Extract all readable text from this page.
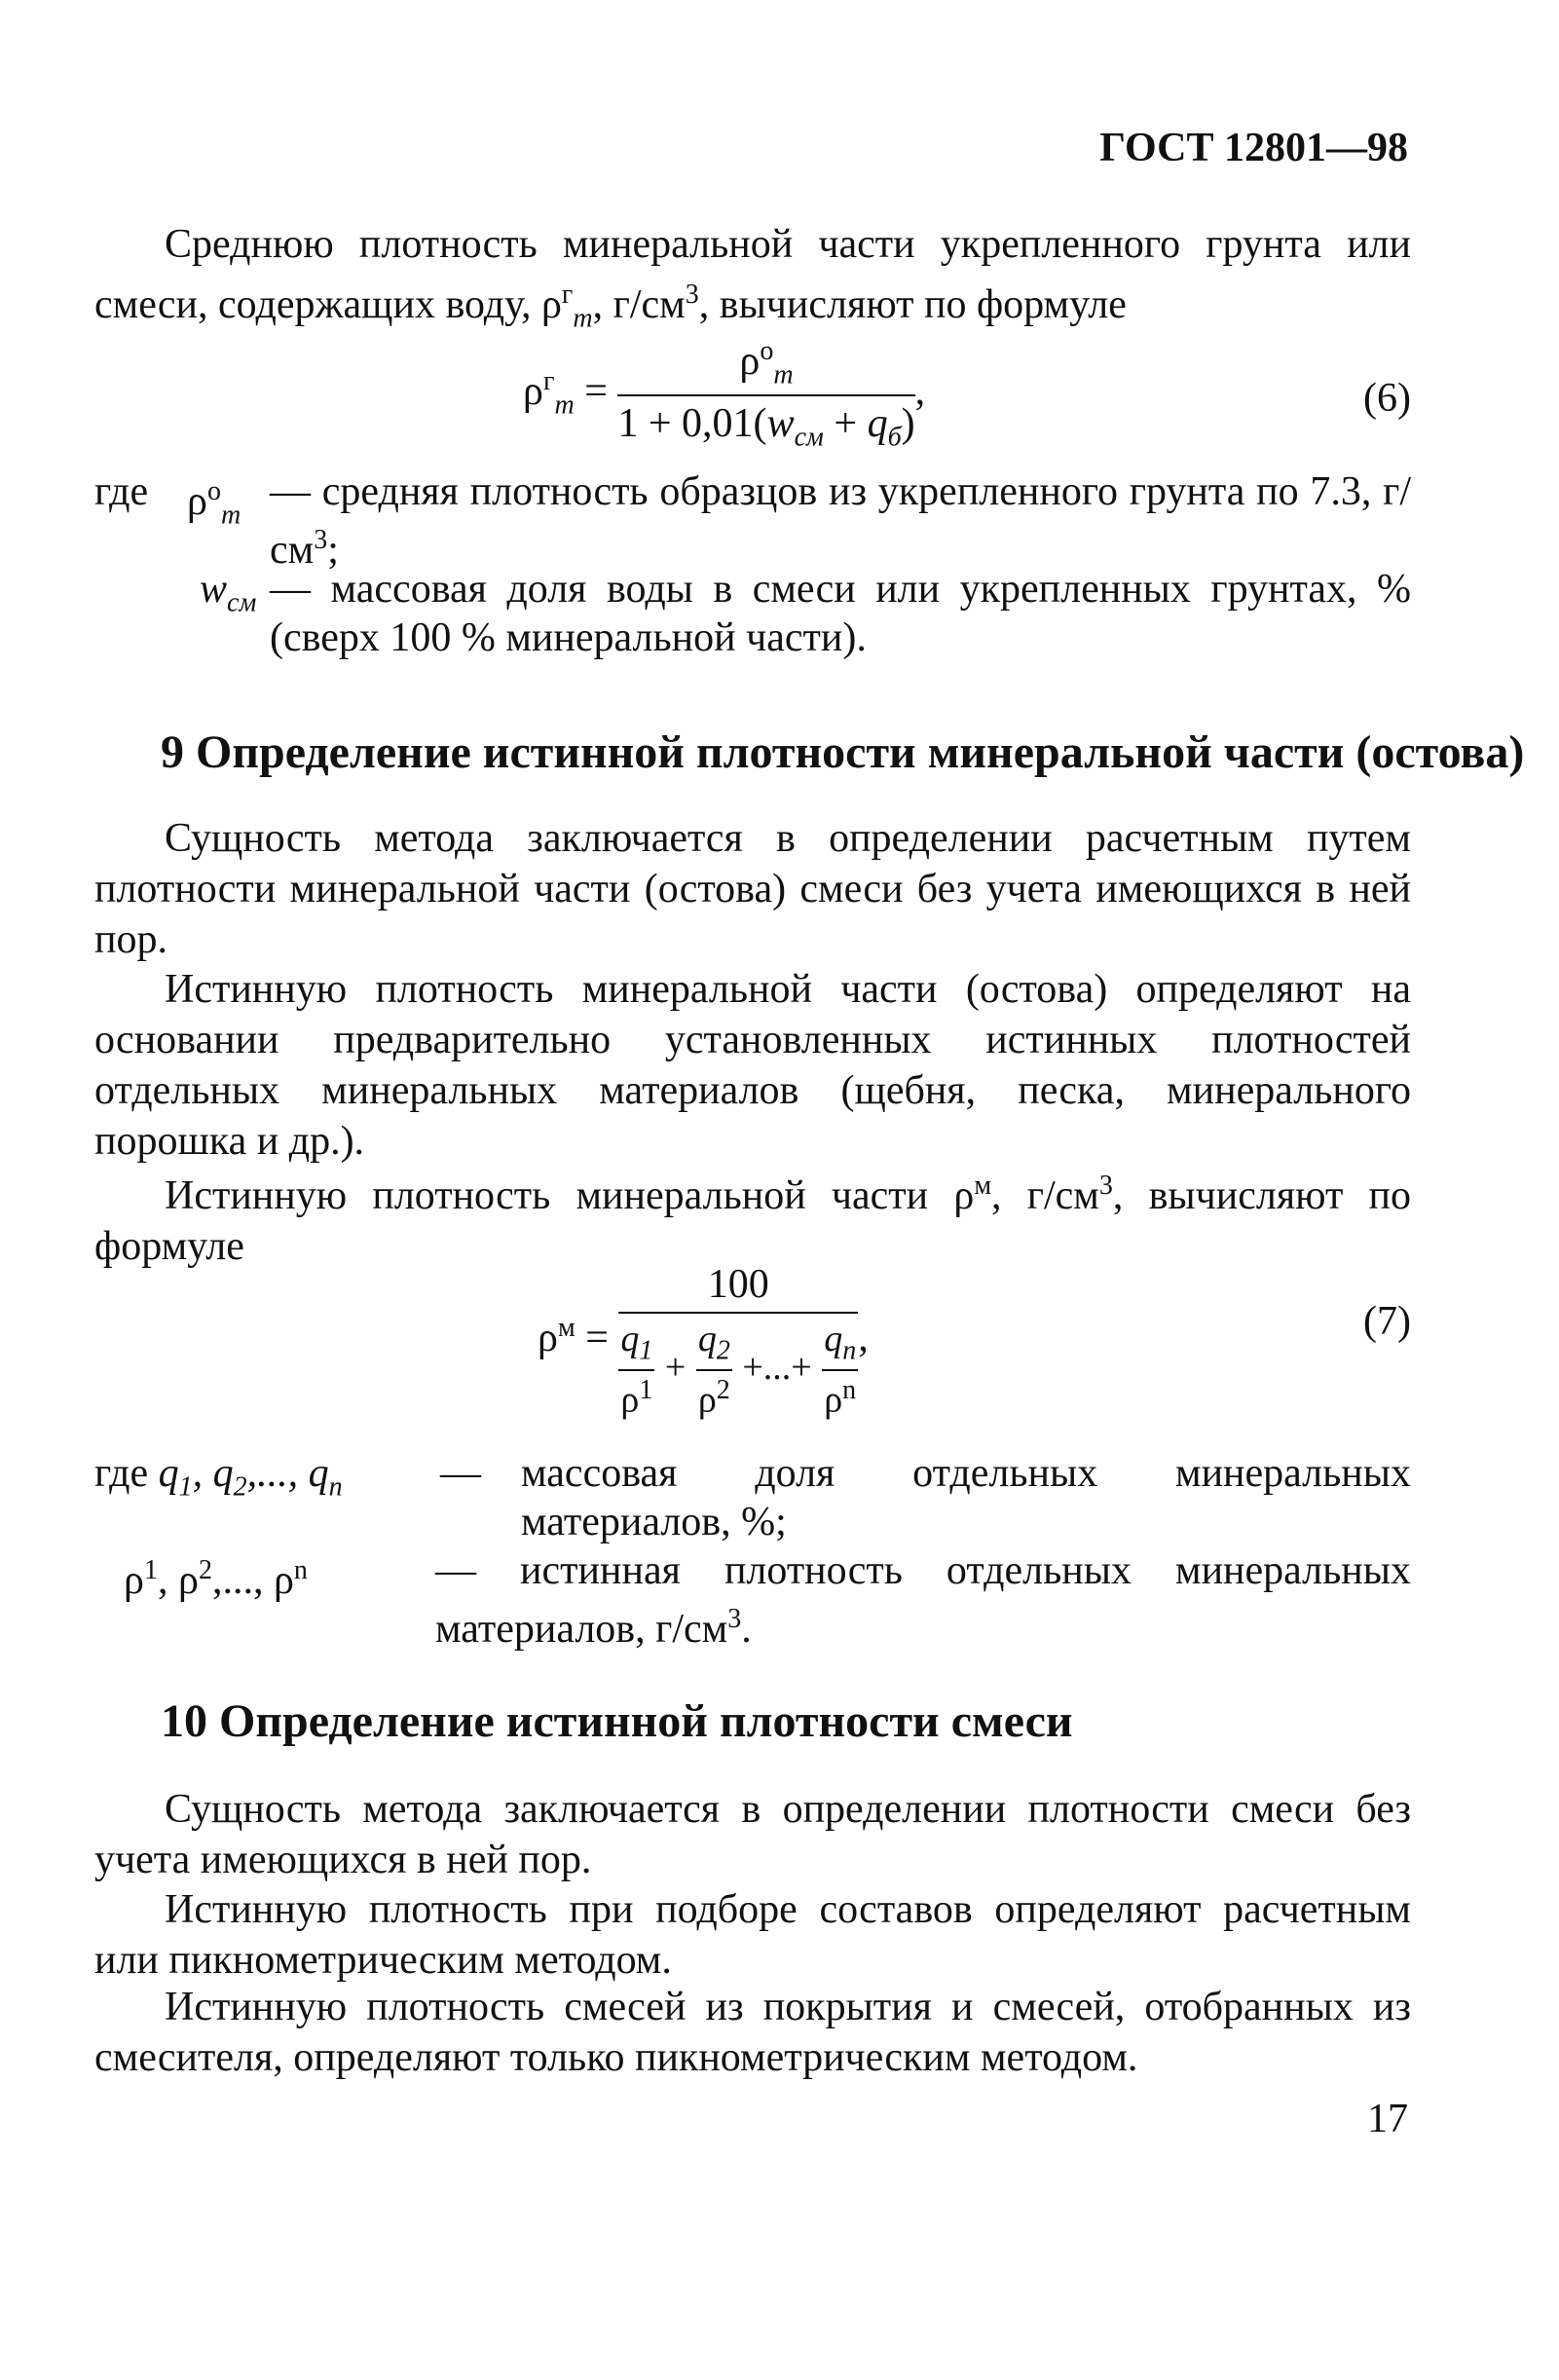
ГОСТ 12801—98
Среднюю плотность минеральной части укрепленного грунта или смеси, содержащих воду, $\rho^г_m$, $г/см^3$, вычисляют по формуле
$\rho^г_m = \frac{\rho^о_m}{1 + 0,01(w_{см} + q_б)}$ ,	(6)
где $\rho^о_m$
— средняя плотность образцов из укрепленного грунта по 7.3, $г/см^3$;
$w_{см}$ — массовая доля воды в смеси или укрепленных грунтах, % (сверх 100 % минеральной части).
9 Определение истинной плотности минеральной части (остова)
Сущность метода заключается в определении расчетным путем плотности минеральной части (остова) смеси без учета имеющихся в ней пор.
Истинную плотность минеральной части (остова) определяют на основании предварительно установленных истинных плотностей отдельных минеральных материалов (щебня, песка, минерального порошка и др.).
Истинную плотность минеральной части $\rho^м$, $г/см^3$, вычисляют по формуле
$\rho^м$ =
100
$\frac{q_1}{\rho^1} + \frac{q_2}{\rho^2}$ +...+ $\frac{q_n}{\rho^n}$ ,	(7)
где $q_1$, $q_2$,..., $q_n$ — массовая доля отдельных минеральных материалов, %;
$\rho^1$, $\rho^2$,..., $\rho^n$	— истинная плотность отдельных минеральных материалов, $г/см^3$.
10 Определение истинной плотности смеси
Сущность метода заключается в определении плотности смеси без учета имеющихся в ней пор.
Истинную плотность при подборе составов определяют расчетным или пикнометрическим методом.
Истинную плотность смесей из покрытия и смесей, отобранных из смесителя, определяют только пикнометрическим методом.
17
